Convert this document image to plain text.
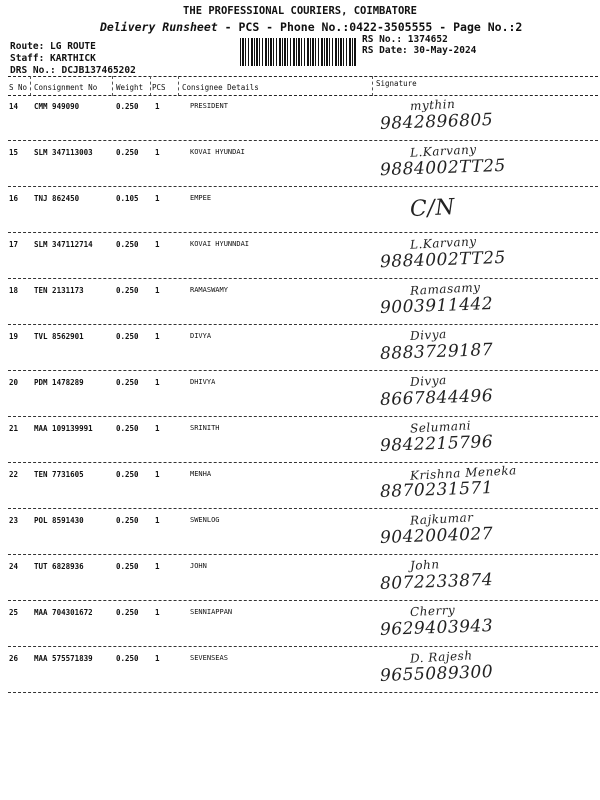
THE PROFESSIONAL COURIERS, COIMBATORE
Delivery Runsheet - PCS - Phone No.:0422-3505555 - Page No.:2
Route: LG ROUTE
Staff: KARTHICK
DRS No.: DCJB137465202
RS No.: 1374652
RS Date: 30-May-2024
S No Consignment No	Weight PCS Consignee Details	Signature
14 CMM 949090	0.250 1	PRESIDENT	mythin
9842896805
15 SLM 347113003	0.250 1	KOVAI HYUNDAI	L.Karvany
9884002TT25
16 TNJ 862450	0.105 1	EMPEE	C/N
17 SLM 347112714	0.250 1	KOVAI HYUNNDAI	L.Karvany
9884002TT25
18 TEN 2131173	0.250 1	RAMASWAMY	Ramasamy
9003911442
19 TVL 8562901	0.250 1	DIVYA	Divya
8883729187
20 PDM 1478289	0.250 1	DHIVYA	Divya
8667844496
21 MAA 109139991	0.250 1	SRINITH	Selumani
9842215796
22 TEN 7731605	0.250 1	MENHA	Krishna Meneka
8870231571
23 POL 8591430	0.250 1	SWENLOG	Rajkumar
9042004027
24 TUT 6828936	0.250 1	JOHN	John
8072233874
25 MAA 704301672	0.250 1	SENNIAPPAN	Cherry
9629403943
26 MAA 575571839	0.250 1	SEVENSEAS	D. Rajesh
9655089300
